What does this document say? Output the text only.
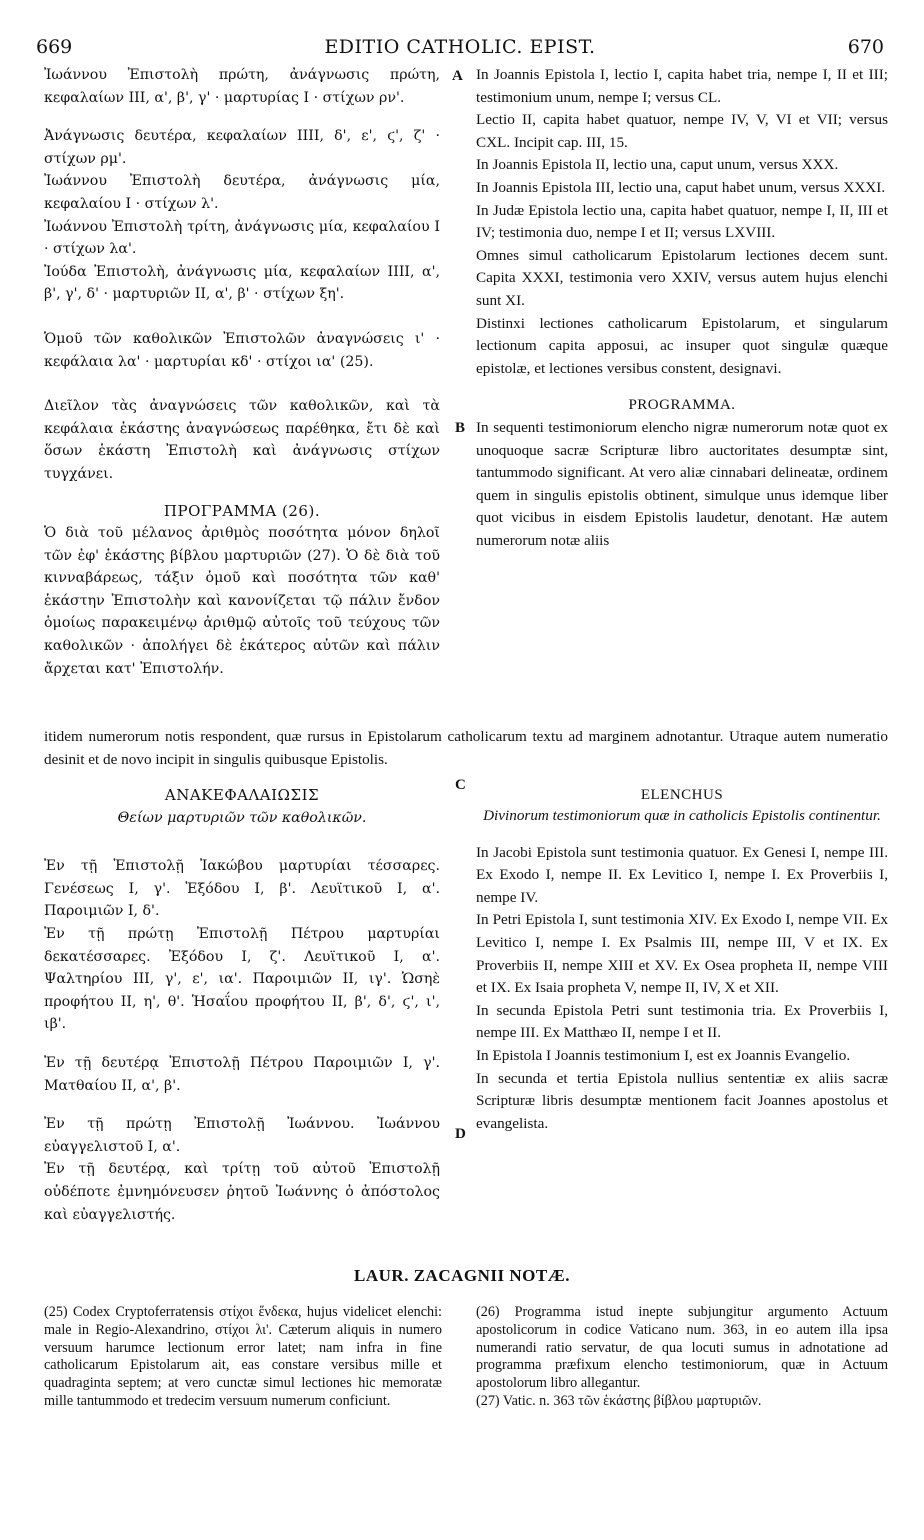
669	EDITIO CATHOLIC. EPIST.	670
A
B
C
D

Ἰωάννου Ἐπιστολὴ πρώτη, ἀνάγνωσις πρώτη, κεφαλαίων III, α', β', γ' · μαρτυρίας I · στίχων ρν'.

Ἀνάγνωσις δευτέρα, κεφαλαίων IIII, δ', ε', ϛ', ζ' · στίχων ρμ'.

Ἰωάννου Ἐπιστολὴ δευτέρα, ἀνάγνωσις μία, κεφαλαίου I · στίχων λ'.

Ἰωάννου Ἐπιστολὴ τρίτη, ἀνάγνωσις μία, κεφαλαίου I · στίχων λα'.

Ἰούδα Ἐπιστολὴ, ἀνάγνωσις μία, κεφαλαίων IIII, α', β', γ', δ' · μαρτυριῶν II, α', β' · στίχων ξη'.

Ὁμοῦ τῶν καθολικῶν Ἐπιστολῶν ἀναγνώσεις ι' · κεφάλαια λα' · μαρτυρίαι κδ' · στίχοι ια' (25).

Διεῖλον τὰς ἀναγνώσεις τῶν καθολικῶν, καὶ τὰ κεφάλαια ἑκάστης ἀναγνώσεως παρέθηκα, ἔτι δὲ καὶ ὅσων ἑκάστη Ἐπιστολὴ καὶ ἀνάγνωσις στίχων τυγχάνει.

ΠΡΟΓΡΑΜΜΑ (26).

Ὁ διὰ τοῦ μέλανος ἀριθμὸς ποσότητα μόνον δηλοῖ τῶν ἐφ' ἑκάστης βίβλου μαρτυριῶν (27). Ὁ δὲ διὰ τοῦ κινναβάρεως, τάξιν ὁμοῦ καὶ ποσότητα τῶν καθ' ἑκάστην Ἐπιστολὴν καὶ κανονίζεται τῷ πάλιν ἔνδον ὁμοίως παρακειμένῳ ἀριθμῷ αὐτοῖς τοῦ τεύχους τῶν καθολικῶν · ἀπολήγει δὲ ἑκάτερος αὐτῶν καὶ πάλιν ἄρχεται κατ' Ἐπιστολήν.

In Joannis Epistola I, lectio I, capita habet tria, nempe I, II et III; testimonium unum, nempe I; versus CL.

Lectio II, capita habet quatuor, nempe IV, V, VI et VII; versus CXL. Incipit cap. III, 15.

In Joannis Epistola II, lectio una, caput unum, versus XXX.

In Joannis Epistola III, lectio una, caput habet unum, versus XXXI.

In Judæ Epistola lectio una, capita habet quatuor, nempe I, II, III et IV; testimonia duo, nempe I et II; versus LXVIII.

Omnes simul catholicarum Epistolarum lectiones decem sunt. Capita XXXI, testimonia vero XXIV, versus autem hujus elenchi sunt XI.

Distinxi lectiones catholicarum Epistolarum, et singularum lectionum capita apposui, ac insuper quot singulæ quæque epistolæ, et lectiones versibus constent, designavi.

PROGRAMMA.

In sequenti testimoniorum elencho nigræ numerorum notæ quot ex unoquoque sacræ Scripturæ libro auctoritates desumptæ sint, tantummodo significant. At vero aliæ cinnabari delineatæ, ordinem quem in singulis epistolis obtinent, simulque unus idemque liber quot vicibus in eisdem Epistolis laudetur, denotant. Hæ autem numerorum notæ aliis

itidem numerorum notis respondent, quæ rursus in Epistolarum catholicarum textu ad marginem adnotantur. Utraque autem numeratio desinit et de novo incipit in singulis quibusque Epistolis.

ΑΝΑΚΕΦΑΛΑΙΩΣΙΣ

Θείων μαρτυριῶν τῶν καθολικῶν.

Ἐν τῇ Ἐπιστολῇ Ἰακώβου μαρτυρίαι τέσσαρες. Γενέσεως I, γ'. Ἐξόδου I, β'. Λευϊτικοῦ I, α'. Παροιμιῶν I, δ'.

Ἐν τῇ πρώτῃ Ἐπιστολῇ Πέτρου μαρτυρίαι δεκατέσσαρες. Ἐξόδου I, ζ'. Λευϊτικοῦ I, α'. Ψαλτηρίου III, γ', ε', ια'. Παροιμιῶν II, ιγ'. Ὡσηὲ προφήτου II, η', θ'. Ἡσαΐου προφήτου II, β', δ', ϛ', ι', ιβ'.

Ἐν τῇ δευτέρᾳ Ἐπιστολῇ Πέτρου Παροιμιῶν I, γ'. Ματθαίου II, α', β'.

Ἐν τῇ πρώτῃ Ἐπιστολῇ Ἰωάννου. Ἰωάννου εὐαγγελιστοῦ I, α'.

Ἐν τῇ δευτέρᾳ, καὶ τρίτῃ τοῦ αὐτοῦ Ἐπιστολῇ οὐδέποτε ἐμνημόνευσεν ῥητοῦ Ἰωάννης ὁ ἀπόστολος καὶ εὐαγγελιστής.

ELENCHUS

Divinorum testimoniorum quæ in catholicis Epistolis continentur.

In Jacobi Epistola sunt testimonia quatuor. Ex Genesi I, nempe III. Ex Exodo I, nempe II. Ex Levitico I, nempe I. Ex Proverbiis I, nempe IV.

In Petri Epistola I, sunt testimonia XIV. Ex Exodo I, nempe VII. Ex Levitico I, nempe I. Ex Psalmis III, nempe III, V et IX. Ex Proverbiis II, nempe XIII et XV. Ex Osea propheta II, nempe VIII et IX. Ex Isaia propheta V, nempe II, IV, X et XII.

In secunda Epistola Petri sunt testimonia tria. Ex Proverbiis I, nempe III. Ex Matthæo II, nempe I et II.

In Epistola I Joannis testimonium I, est ex Joannis Evangelio.

In secunda et tertia Epistola nullius sententiæ ex aliis sacræ Scripturæ libris desumptæ mentionem facit Joannes apostolus et evangelista.

LAUR. ZACAGNII NOTÆ.
(25) Codex Cryptoferratensis στίχοι ἕνδεκα, hujus videlicet elenchi: male in Regio-Alexandrino, στίχοι λι'. Cæterum aliquis in numero versuum harumce lectionum error latet; nam infra in fine catholicarum Epistolarum ait, eas constare versibus mille et quadraginta septem; at vero cunctæ simul lectiones hic memoratæ mille tantummodo et tredecim versuum numerum conficiunt.
(26) Programma istud inepte subjungitur argumento Actuum apostolicorum in codice Vaticano num. 363, in eo autem illa ipsa numerandi ratio servatur, de qua locuti sumus in adnotatione ad programma præfixum elencho testimoniorum, quæ in Actuum apostolorum libro allegantur.
(27) Vatic. n. 363 τῶν ἑκάστης βίβλου μαρτυριῶν.
